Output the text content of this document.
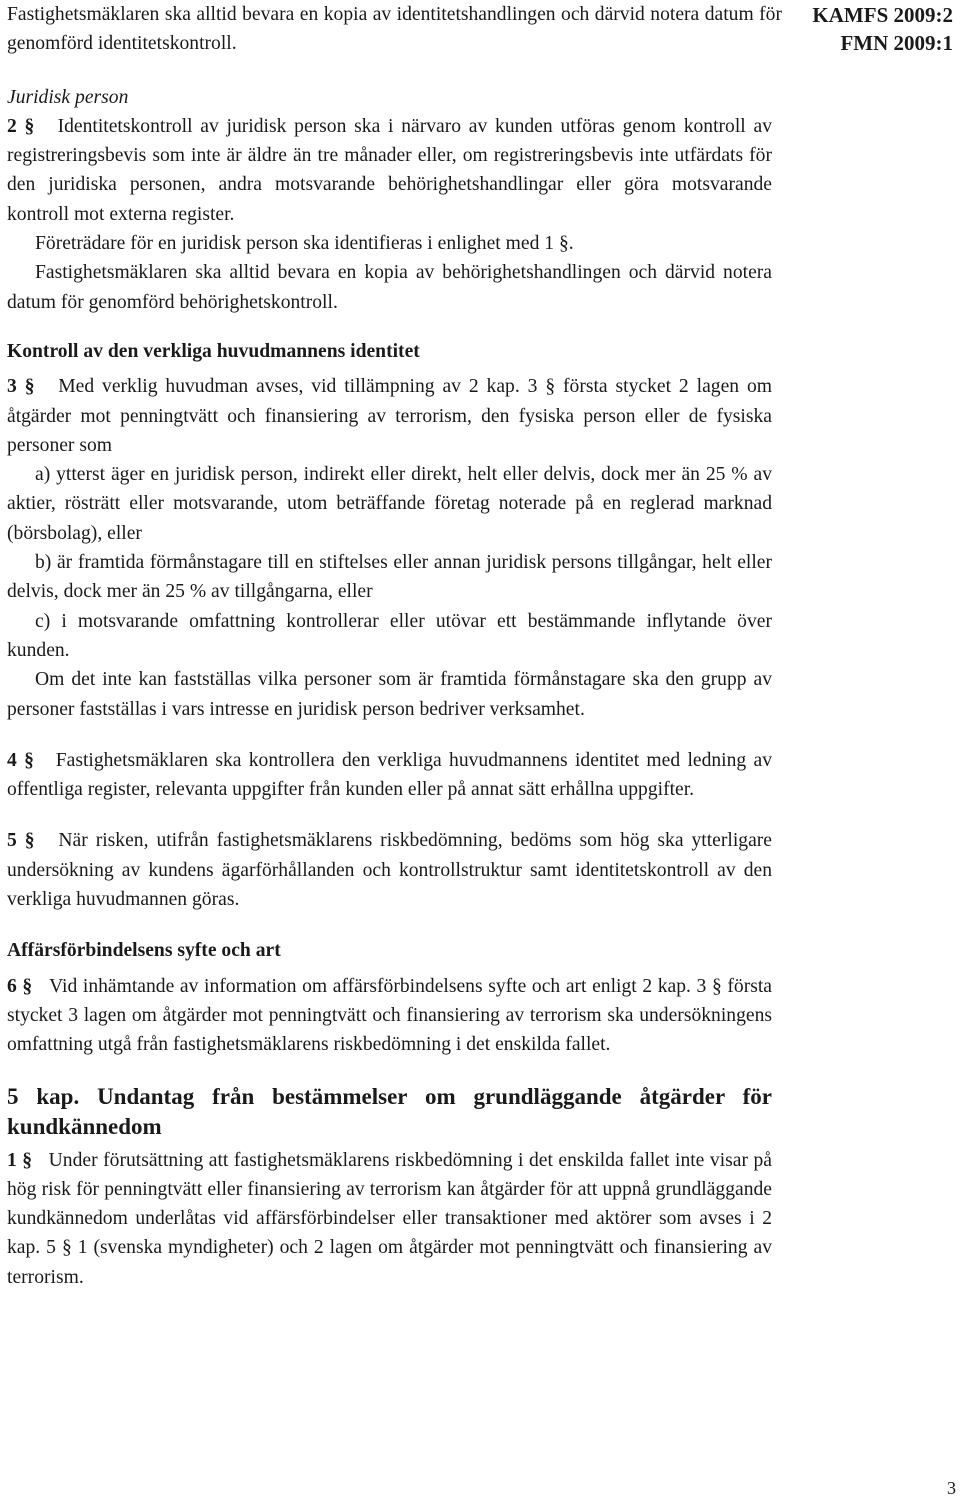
KAMFS 2009:2
FMN 2009:1

Fastighetsmäklaren ska alltid bevara en kopia av identitetshandlingen och därvid notera datum för genomförd identitetskontroll.

Juridisk person

2 § Identitetskontroll av juridisk person ska i närvaro av kunden utföras genom kontroll av registreringsbevis som inte är äldre än tre månader eller, om registreringsbevis inte utfärdats för den juridiska personen, andra motsvarande behörighetshandlingar eller göra motsvarande kontroll mot externa register.

Företrädare för en juridisk person ska identifieras i enlighet med 1 §.

Fastighetsmäklaren ska alltid bevara en kopia av behörighetshandlingen och därvid notera datum för genomförd behörighetskontroll.

Kontroll av den verkliga huvudmannens identitet

3 § Med verklig huvudman avses, vid tillämpning av 2 kap. 3 § första stycket 2 lagen om åtgärder mot penningtvätt och finansiering av terrorism, den fysiska person eller de fysiska personer som

a) ytterst äger en juridisk person, indirekt eller direkt, helt eller delvis, dock mer än 25 % av aktier, rösträtt eller motsvarande, utom beträffande företag noterade på en reglerad marknad (börsbolag), eller

b) är framtida förmånstagare till en stiftelses eller annan juridisk persons tillgångar, helt eller delvis, dock mer än 25 % av tillgångarna, eller

c) i motsvarande omfattning kontrollerar eller utövar ett bestämmande inflytande över kunden.

Om det inte kan fastställas vilka personer som är framtida förmånstagare ska den grupp av personer fastställas i vars intresse en juridisk person bedriver verksamhet.

4 § Fastighetsmäklaren ska kontrollera den verkliga huvudmannens identitet med ledning av offentliga register, relevanta uppgifter från kunden eller på annat sätt erhållna uppgifter.

5 § När risken, utifrån fastighetsmäklarens riskbedömning, bedöms som hög ska ytterligare undersökning av kundens ägarförhållanden och kontrollstruktur samt identitetskontroll av den verkliga huvudmannen göras.

Affärsförbindelsens syfte och art

6 § Vid inhämtande av information om affärsförbindelsens syfte och art enligt 2 kap. 3 § första stycket 3 lagen om åtgärder mot penningtvätt och finansiering av terrorism ska undersökningens omfattning utgå från fastighetsmäklarens riskbedömning i det enskilda fallet.

5 kap. Undantag från bestämmelser om grundläggande åtgärder för kundkännedom

1 § Under förutsättning att fastighetsmäklarens riskbedömning i det enskilda fallet inte visar på hög risk för penningtvätt eller finansiering av terrorism kan åtgärder för att uppnå grundläggande kundkännedom underlåtas vid affärsförbindelser eller transaktioner med aktörer som avses i 2 kap. 5 § 1 (svenska myndigheter) och 2 lagen om åtgärder mot penningtvätt och finansiering av terrorism.

3
